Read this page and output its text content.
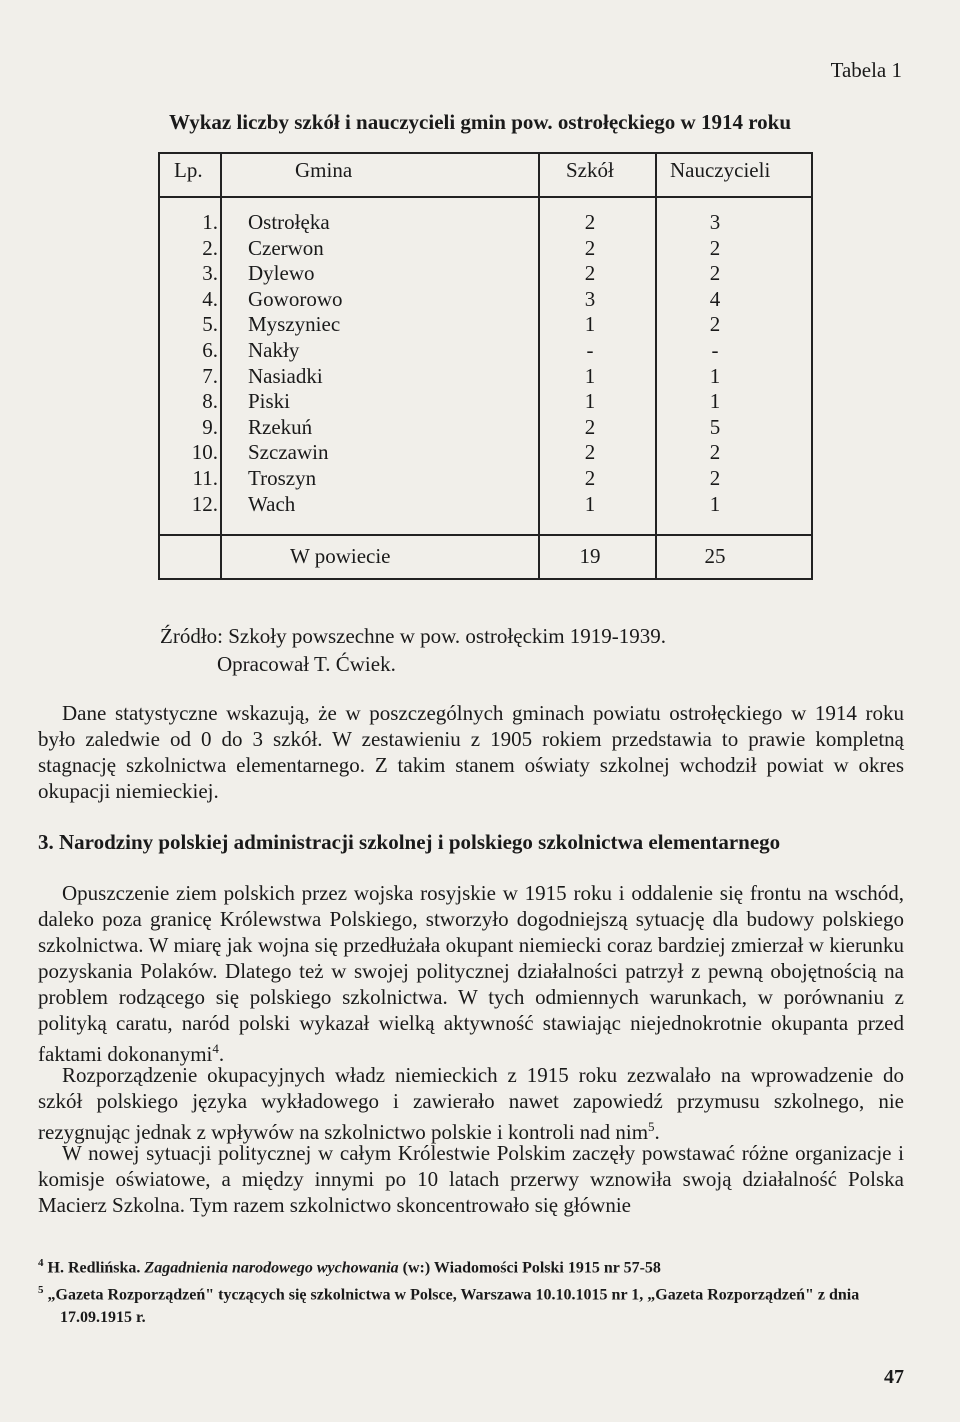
Tabela 1
Wykaz liczby szkół i nauczycieli gmin pow. ostrołęckiego w 1914 roku
Lp.	Gmina	Szkół	Nauczycieli
1. Ostrołęka	2	3
2. Czerwon	2	2
3. Dylewo	2	2
4. Goworowo	3	4
5. Myszyniec	1	2
6. Nakły	-	-
7. Nasiadki	1	1
8. Piski	1	1
9. Rzekuń	2	5
10. Szczawin	2	2
11. Troszyn	2	2
12. Wach	1	1
W powiecie	19	25
Źródło: Szkoły powszechne w pow. ostrołęckim 1919-1939.
Opracował T. Ćwiek.

Dane statystyczne wskazują, że w poszczególnych gminach powiatu ostrołęckiego w 1914 roku było zaledwie od 0 do 3 szkół. W zestawieniu z 1905 rokiem przedstawia to prawie kompletną stagnację szkolnictwa elementarnego. Z takim stanem oświaty szkolnej wchodził powiat w okres okupacji niemieckiej.

3. Narodziny polskiej administracji szkolnej i polskiego szkolnictwa elementarnego

Opuszczenie ziem polskich przez wojska rosyjskie w 1915 roku i oddalenie się frontu na wschód, daleko poza granicę Królewstwa Polskiego, stworzyło dogodniejszą sytuację dla budowy polskiego szkolnictwa. W miarę jak wojna się przedłużała okupant niemiecki coraz bardziej zmierzał w kierunku pozyskania Polaków. Dlatego też w swojej politycznej działalności patrzył z pewną obojętnością na problem rodzącego się polskiego szkolnictwa. W tych odmiennych warunkach, w porównaniu z polityką caratu, naród polski wykazał wielką aktywność stawiając niejednokrotnie okupanta przed faktami dokonanymi$^4$.

Rozporządzenie okupacyjnych władz niemieckich z 1915 roku zezwalało na wprowadzenie do szkół polskiego języka wykładowego i zawierało nawet zapowiedź przymusu szkolnego, nie rezygnując jednak z wpływów na szkolnictwo polskie i kontroli nad nim$^5$.

W nowej sytuacji politycznej w całym Królestwie Polskim zaczęły powstawać różne organizacje i komisje oświatowe, a między innymi po 10 latach przerwy wznowiła swoją działalność Polska Macierz Szkolna. Tym razem szkolnictwo skoncentrowało się głównie

$^4$ H. Redlińska. Zagadnienia narodowego wychowania (w:) Wiadomości Polski 1915 nr 57-58

$^5$ „Gazeta Rozporządzeń" tyczących się szkolnictwa w Polsce, Warszawa 10.10.1015 nr 1, „Gazeta Rozporządzeń" z dnia 17.09.1915 r.

47
